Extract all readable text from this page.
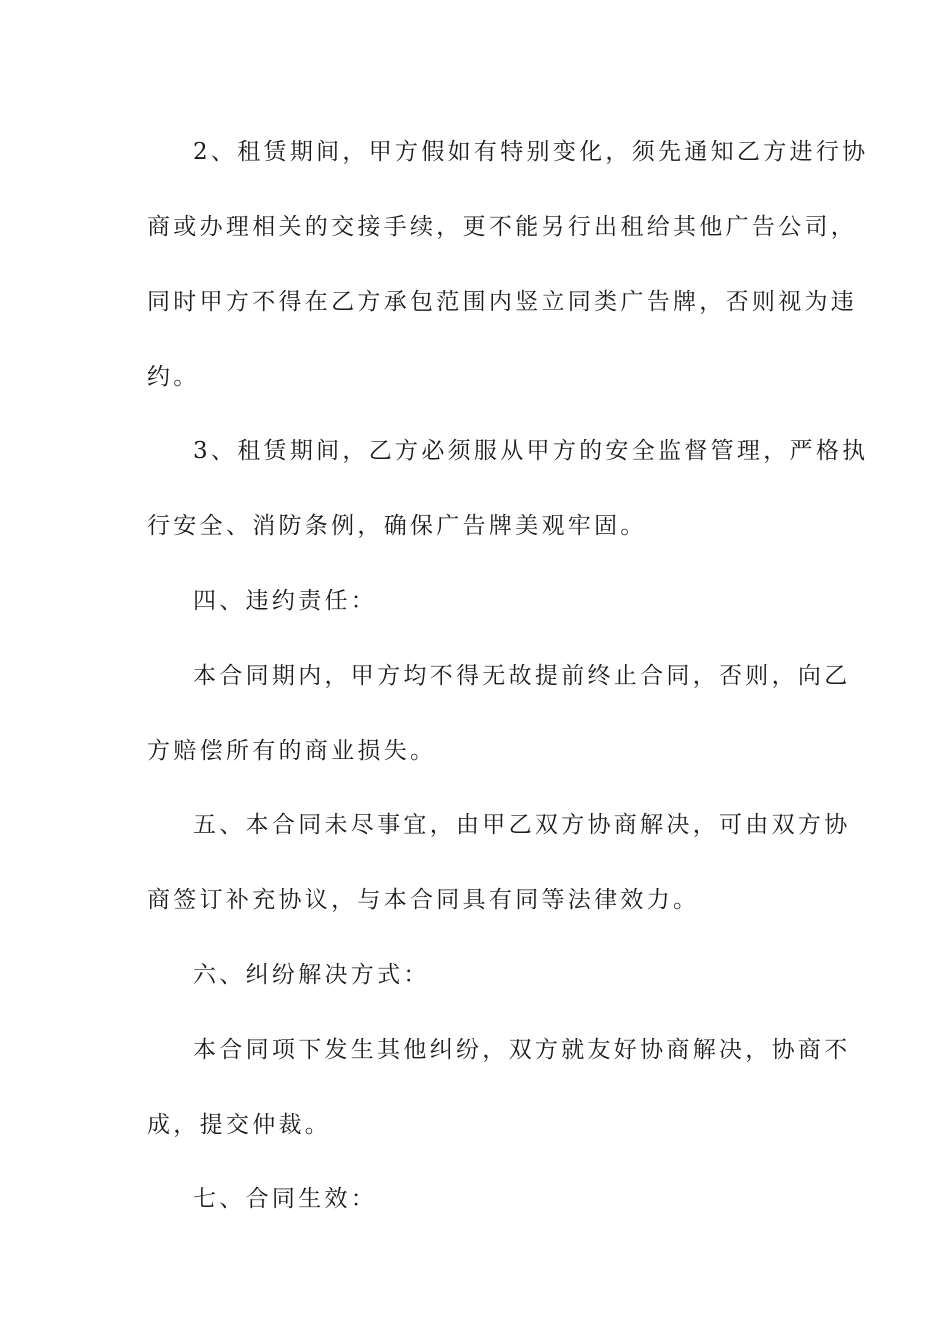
2、租赁期间，甲方假如有特别变化，须先通知乙方进行协
商或办理相关的交接手续，更不能另行出租给其他广告公司，
同时甲方不得在乙方承包范围内竖立同类广告牌，否则视为违
约。
3、租赁期间，乙方必须服从甲方的安全监督管理，严格执
行安全、消防条例，确保广告牌美观牢固。
四、违约责任：
本合同期内，甲方均不得无故提前终止合同，否则，向乙
方赔偿所有的商业损失。
五、本合同未尽事宜，由甲乙双方协商解决，可由双方协
商签订补充协议，与本合同具有同等法律效力。
六、纠纷解决方式：
本合同项下发生其他纠纷，双方就友好协商解决，协商不
成，提交仲裁。
七、合同生效：
